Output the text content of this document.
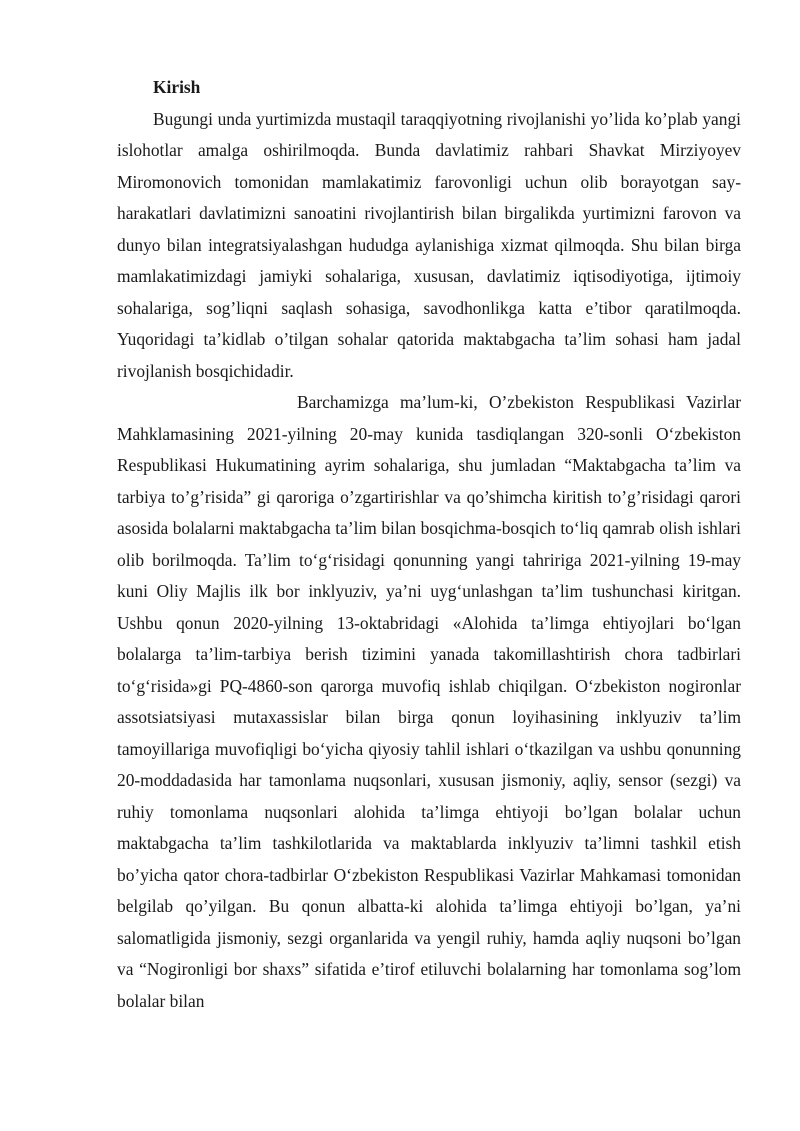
Kirish

Bugungi unda yurtimizda mustaqil taraqqiyotning rivojlanishi yo’lida ko’plab yangi islohotlar amalga oshirilmoqda. Bunda davlatimiz rahbari Shavkat Mirziyoyev Miromonovich tomonidan mamlakatimiz farovonligi uchun olib borayotgan say-harakatlari davlatimizni sanoatini rivojlantirish bilan birgalikda yurtimizni farovon va dunyo bilan integratsiyalashgan hududga aylanishiga xizmat qilmoqda. Shu bilan birga mamlakatimizdagi jamiyki sohalariga, xususan, davlatimiz iqtisodiyotiga, ijtimoiy sohalariga, sog’liqni saqlash sohasiga, savodhonlikga katta e’tibor qaratilmoqda. Yuqoridagi ta’kidlab o’tilgan sohalar qatorida maktabgacha ta’lim sohasi ham jadal rivojlanish bosqichidadir.

Barchamizga ma’lum-ki, O’zbekiston Respublikasi Vazirlar Mahklamasining 2021-yilning 20-may kunida tasdiqlangan 320-sonli O‘zbekiston Respublikasi Hukumatining ayrim sohalariga, shu jumladan “Maktabgacha ta’lim va tarbiya to’g’risida” gi qaroriga o’zgartirishlar va qo’shimcha kiritish to’g’risidagi qarori asosida bolalarni maktabgacha ta’lim bilan bosqichma-bosqich to‘liq qamrab olish ishlari olib borilmoqda. Ta’lim to‘g‘risidagi qonunning yangi tahririga 2021-yilning 19-may kuni Oliy Majlis ilk bor inklyuziv, ya’ni uyg‘unlashgan ta’lim tushunchasi kiritgan. Ushbu qonun 2020-yilning 13-oktabridagi «Alohida ta’limga ehtiyojlari bo‘lgan bolalarga ta’lim-tarbiya berish tizimini yanada takomillashtirish chora tadbirlari to‘g‘risida»gi PQ-4860-son qarorga muvofiq ishlab chiqilgan. O‘zbekiston nogironlar assotsiatsiyasi mutaxassislar bilan birga qonun loyihasining inklyuziv ta’lim tamoyillariga muvofiqligi bo‘yicha qiyosiy tahlil ishlari o‘tkazilgan va ushbu qonunning 20-moddadasida har tamonlama nuqsonlari, xususan jismoniy, aqliy, sensor (sezgi) va ruhiy tomonlama nuqsonlari alohida ta’limga ehtiyoji bo’lgan bolalar uchun maktabgacha ta’lim tashkilotlarida va maktablarda inklyuziv ta’limni tashkil etish bo’yicha qator chora-tadbirlar O‘zbekiston Respublikasi Vazirlar Mahkamasi tomonidan belgilab qo’yilgan. Bu qonun albatta-ki alohida ta’limga ehtiyoji bo’lgan, ya’ni salomatligida jismoniy, sezgi organlarida va yengil ruhiy, hamda aqliy nuqsoni bo’lgan va “Nogironligi bor shaxs” sifatida e’tirof etiluvchi bolalarning har tomonlama sog’lom bolalar bilan
